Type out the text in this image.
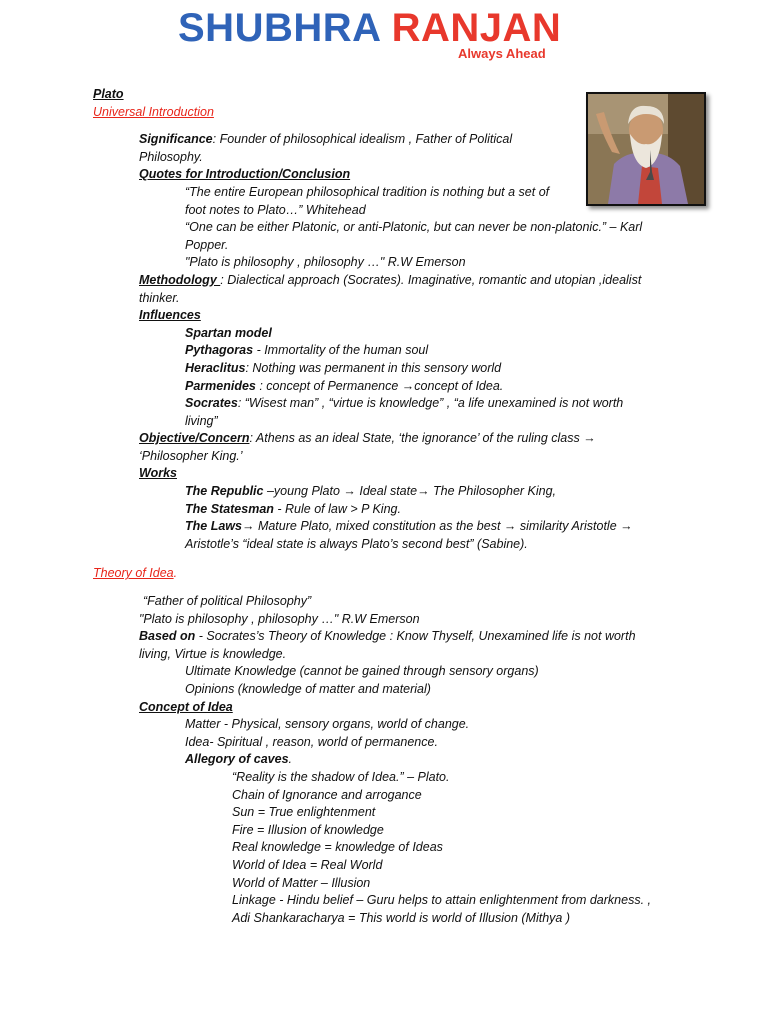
SHUBHRA RANJAN
Always Ahead
Plato
Universal Introduction
Significance: Founder of philosophical idealism , Father of Political
Philosophy.
Quotes for Introduction/Conclusion
“The entire European philosophical tradition is nothing but a set of
foot notes to Plato…” Whitehead
“One can be either Platonic, or anti-Platonic, but can never be non-platonic.” – Karl
Popper.
"Plato is philosophy , philosophy …" R.W Emerson
Methodology : Dialectical approach (Socrates). Imaginative, romantic and utopian ,idealist
thinker.
Influences
Spartan model
Pythagoras - Immortality of the human soul
Heraclitus: Nothing was permanent in this sensory world
Parmenides : concept of Permanence →concept of Idea.
Socrates: “Wisest man” , “virtue is knowledge” , “a life unexamined is not worth
living”
Objective/Concern: Athens as an ideal State, ‘the ignorance’ of the ruling class →
‘Philosopher King.’
Works
The Republic –young Plato → Ideal state→ The Philosopher King,
The Statesman - Rule of law > P King.
The Laws→ Mature Plato, mixed constitution as the best → similarity Aristotle →
Aristotle’s “ideal state is always Plato’s second best” (Sabine).
Theory of Idea.
“Father of political Philosophy”
"Plato is philosophy , philosophy …" R.W Emerson
Based on - Socrates’s Theory of Knowledge : Know Thyself, Unexamined life is not worth
living, Virtue is knowledge.
Ultimate Knowledge (cannot be gained through sensory organs)
Opinions (knowledge of matter and material)
Concept of Idea
Matter - Physical, sensory organs, world of change.
Idea- Spiritual , reason, world of permanence.
Allegory of caves.
“Reality is the shadow of Idea.” – Plato.
Chain of Ignorance and arrogance
Sun = True enlightenment
Fire = Illusion of knowledge
Real knowledge = knowledge of Ideas
World of Idea = Real World
World of Matter – Illusion
Linkage - Hindu belief – Guru helps to attain enlightenment from darkness. ,
Adi Shankaracharya = This world is world of Illusion (Mithya )
